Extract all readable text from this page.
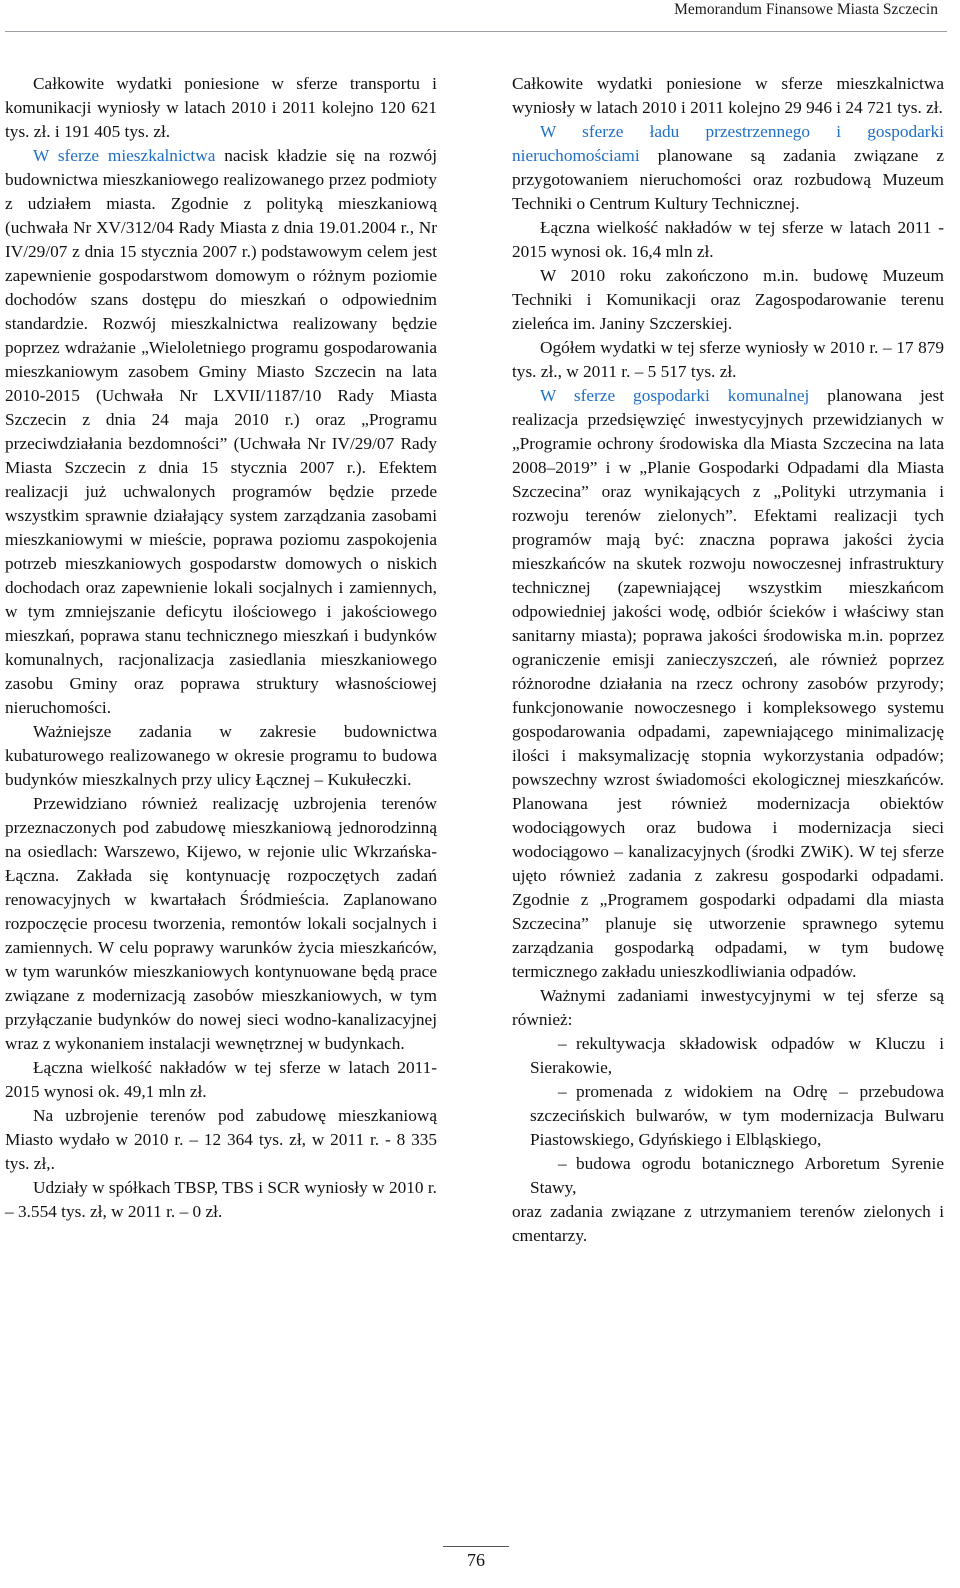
Memorandum Finansowe Miasta Szczecin

Całkowite wydatki poniesione w sferze transportu i komunikacji wyniosły w latach 2010 i 2011 kolejno 120 621 tys. zł. i 191 405 tys. zł.

W sferze mieszkalnictwa nacisk kładzie się na rozwój budownictwa mieszkaniowego realizowanego przez podmioty z udziałem miasta. Zgodnie z polityką mieszkaniową (uchwała Nr XV/312/04 Rady Miasta z dnia 19.01.2004 r., Nr IV/29/07 z dnia 15 stycznia 2007 r.) podstawowym celem jest zapewnienie gospodarstwom domowym o różnym poziomie dochodów szans dostępu do mieszkań o odpowiednim standardzie. Rozwój mieszkalnictwa realizowany będzie poprzez wdrażanie „Wieloletniego programu gospodarowania mieszkaniowym zasobem Gminy Miasto Szczecin na lata 2010-2015 (Uchwała Nr LXVII/1187/10 Rady Miasta Szczecin z dnia 24 maja 2010 r.) oraz „Programu przeciwdziałania bezdomności” (Uchwała Nr IV/29/07 Rady Miasta Szczecin z dnia 15 stycznia 2007 r.). Efektem realizacji już uchwalonych programów będzie przede wszystkim sprawnie działający system zarządzania zasobami mieszkaniowymi w mieście, poprawa poziomu zaspokojenia potrzeb mieszkaniowych gospodarstw domowych o niskich dochodach oraz zapewnienie lokali socjalnych i zamiennych, w tym zmniejszanie deficytu ilościowego i jakościowego mieszkań, poprawa stanu technicznego mieszkań i budynków komunalnych, racjonalizacja zasiedlania mieszkaniowego zasobu Gminy oraz poprawa struktury własnościowej nieruchomości.

Ważniejsze zadania w zakresie budownictwa kubaturowego realizowanego w okresie programu to budowa budynków mieszkalnych przy ulicy Łącznej – Kukułeczki.

Przewidziano również realizację uzbrojenia terenów przeznaczonych pod zabudowę mieszkaniową jednorodzinną na osiedlach: Warszewo, Kijewo, w rejonie ulic Wkrzańska-Łączna. Zakłada się kontynuację rozpoczętych zadań renowacyjnych w kwartałach Śródmieścia. Zaplanowano rozpoczęcie procesu tworzenia, remontów lokali socjalnych i zamiennych. W celu poprawy warunków życia mieszkańców, w tym warunków mieszkaniowych kontynuowane będą prace związane z modernizacją zasobów mieszkaniowych, w tym przyłączanie budynków do nowej sieci wodno-kanalizacyjnej wraz z wykonaniem instalacji wewnętrznej w budynkach.

Łączna wielkość nakładów w tej sferze w latach 2011- 2015 wynosi ok. 49,1 mln zł.

Na uzbrojenie terenów pod zabudowę mieszkaniową Miasto wydało w 2010 r. – 12 364 tys. zł, w 2011 r. - 8 335 tys. zł,.

Udziały w spółkach TBSP, TBS i SCR wyniosły w 2010 r. – 3.554 tys. zł, w 2011 r. – 0 zł.

Całkowite wydatki poniesione w sferze mieszkalnictwa wyniosły w latach 2010 i 2011 kolejno 29 946 i 24 721 tys. zł.

W sferze ładu przestrzennego i gospodarki nieruchomościami planowane są zadania związane z przygotowaniem nieruchomości oraz rozbudową Muzeum Techniki o Centrum Kultury Technicznej.

Łączna wielkość nakładów w tej sferze w latach 2011 - 2015 wynosi ok. 16,4 mln zł.

W 2010 roku zakończono m.in. budowę Muzeum Techniki i Komunikacji oraz Zagospodarowanie terenu zieleńca im. Janiny Szczerskiej.

Ogółem wydatki w tej sferze wyniosły w 2010 r. – 17 879 tys. zł., w 2011 r. – 5 517 tys. zł.

W sferze gospodarki komunalnej planowana jest realizacja przedsięwzięć inwestycyjnych przewidzianych w „Programie ochrony środowiska dla Miasta Szczecina na lata 2008–2019” i w „Planie Gospodarki Odpadami dla Miasta Szczecina” oraz wynikających z „Polityki utrzymania i rozwoju terenów zielonych”. Efektami realizacji tych programów mają być: znaczna poprawa jakości życia mieszkańców na skutek rozwoju nowoczesnej infrastruktury technicznej (zapewniającej wszystkim mieszkańcom odpowiedniej jakości wodę, odbiór ścieków i właściwy stan sanitarny miasta); poprawa jakości środowiska m.in. poprzez ograniczenie emisji zanieczyszczeń, ale również poprzez różnorodne działania na rzecz ochrony zasobów przyrody; funkcjonowanie nowoczesnego i kompleksowego systemu gospodarowania odpadami, zapewniającego minimalizację ilości i maksymalizację stopnia wykorzystania odpadów; powszechny wzrost świadomości ekologicznej mieszkańców. Planowana jest również modernizacja obiektów wodociągowych oraz budowa i modernizacja sieci wodociągowo – kanalizacyjnych (środki ZWiK). W tej sferze ujęto również zadania z zakresu gospodarki odpadami. Zgodnie z „Programem gospodarki odpadami dla miasta Szczecina” planuje się utworzenie sprawnego sytemu zarządzania gospodarką odpadami, w tym budowę termicznego zakładu unieszkodliwiania odpadów.

Ważnymi zadaniami inwestycyjnymi w tej sferze są również:

– rekultywacja składowisk odpadów w Kluczu i Sierakowie,

– promenada z widokiem na Odrę – przebudowa szczecińskich bulwarów, w tym modernizacja Bulwaru Piastowskiego, Gdyńskiego i Elbląskiego,

– budowa ogrodu botanicznego Arboretum Syrenie Stawy,

oraz zadania związane z utrzymaniem terenów zielonych i cmentarzy.

76
